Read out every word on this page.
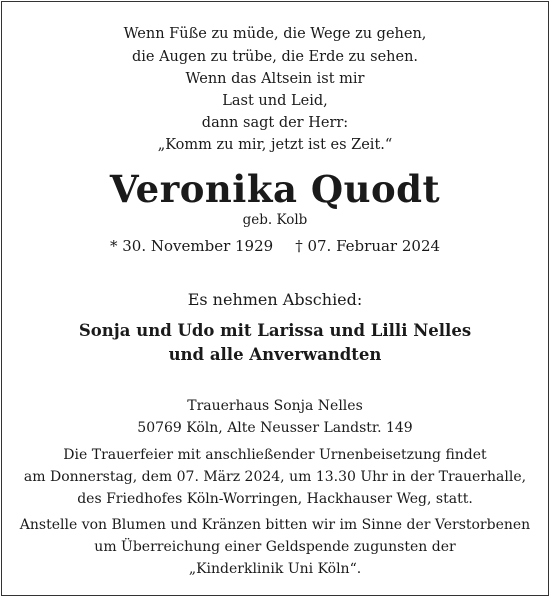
Wenn Füße zu müde, die Wege zu gehen,
die Augen zu trübe, die Erde zu sehen.
Wenn das Altsein ist mir
Last und Leid,
dann sagt der Herr:
„Komm zu mir, jetzt ist es Zeit.“
Veronika Quodt
geb. Kolb
* 30. November 1929 † 07. Februar 2024
Es nehmen Abschied:
Sonja und Udo mit Larissa und Lilli Nelles
und alle Anverwandten
Trauerhaus Sonja Nelles
50769 Köln, Alte Neusser Landstr. 149
Die Trauerfeier mit anschließender Urnenbeisetzung findet
am Donnerstag, dem 07. März 2024, um 13.30 Uhr in der Trauerhalle,
des Friedhofes Köln-Worringen, Hackhauser Weg, statt.
Anstelle von Blumen und Kränzen bitten wir im Sinne der Verstorbenen
um Überreichung einer Geldspende zugunsten der
„Kinderklinik Uni Köln“.
